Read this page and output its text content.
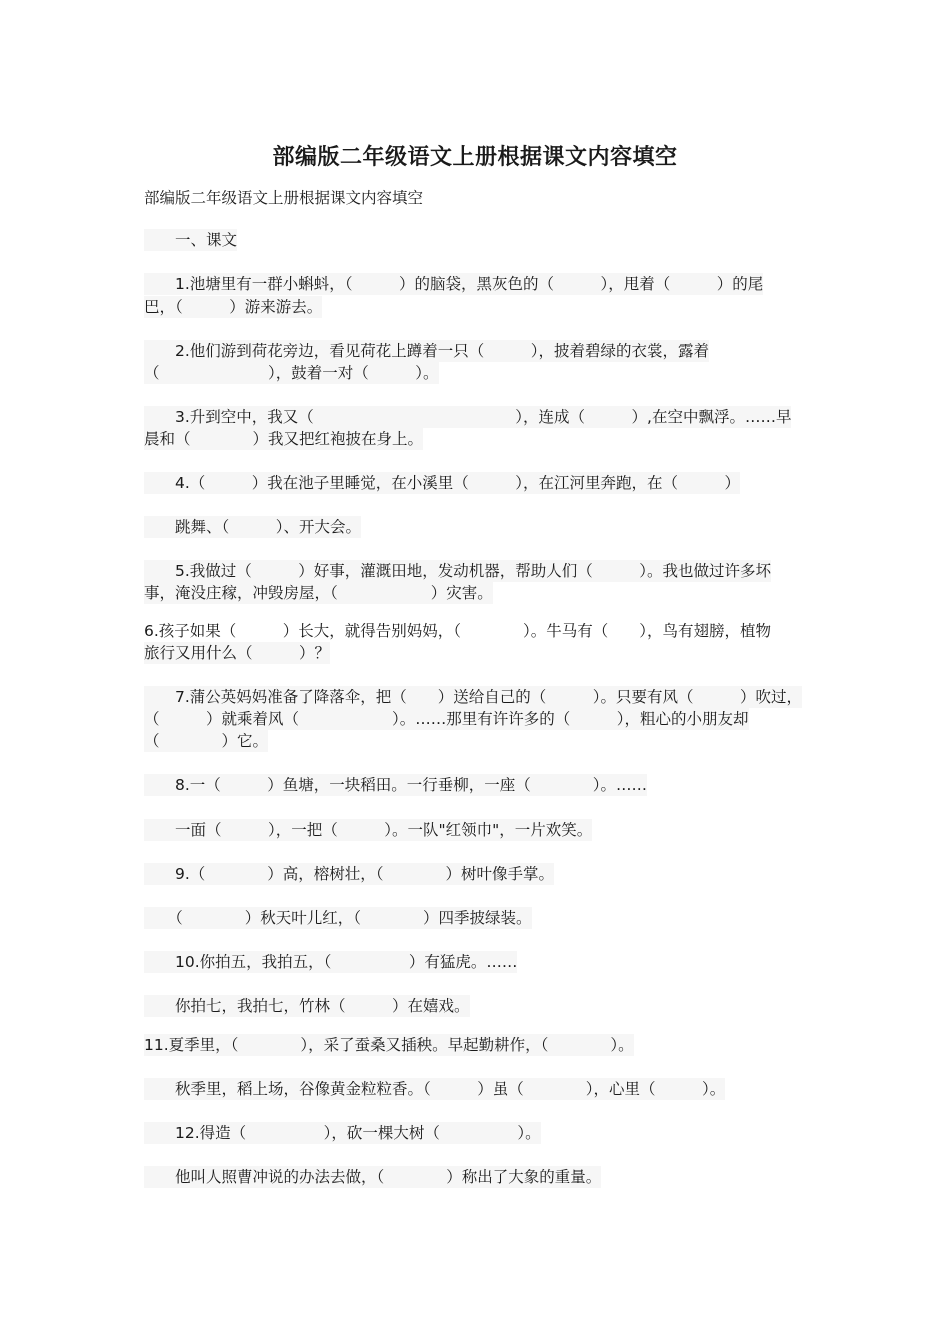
部编版二年级语文上册根据课文内容填空
部编版二年级语文上册根据课文内容填空
　　一、课文
　　1.池塘里有一群小蝌蚪，（　　　）的脑袋，黑灰色的（　　　），甩着（　　　）的尾
巴，（　　　）游来游去。
　　2.他们游到荷花旁边，看见荷花上蹲着一只（　　　），披着碧绿的衣裳，露着
（　　　　　　　），鼓着一对（　　　）。
　　3.升到空中，我又（　　　　　　　　　　　　　），连成（　　　）,在空中飘浮。……早
晨和（　　　　）我又把红袍披在身上。
　　4.（　　　）我在池子里睡觉，在小溪里（　　　），在江河里奔跑，在（　　　）
　　跳舞、（　　　）、开大会。
　　5.我做过（　　　）好事，灌溉田地，发动机器，帮助人们（　　　）。我也做过许多坏
事，淹没庄稼，冲毁房屋，（　　　　　　）灾害。
6.孩子如果（　　　）长大，就得告别妈妈，（　　　　）。牛马有（　　），鸟有翅膀，植物
旅行又用什么（　　　）？
　　7.蒲公英妈妈准备了降落伞，把（　　）送给自己的（　　　）。只要有风（　　　）吹过，
（　　　）就乘着风（　　　　　　）。……那里有许许多的（　　　），粗心的小朋友却
（　　　　）它。
　　8.一（　　　）鱼塘，一块稻田。一行垂柳，一座（　　　　）。……
　　一面（　　　），一把（　　　）。一队"红领巾"，一片欢笑。
　　9.（　　　　）高，榕树壮，（　　　　）树叶像手掌。
　　（　　　　）秋天叶儿红，（　　　　）四季披绿装。
　　10.你拍五，我拍五，（　　　　　）有猛虎。……
　　你拍七，我拍七，竹林（　　　）在嬉戏。
11.夏季里，（　　　　），采了蚕桑又插秧。早起勤耕作，（　　　　）。
　　秋季里，稻上场，谷像黄金粒粒香。（　　　）虽（　　　　），心里（　　　）。
　　12.得造（　　　　　），砍一棵大树（　　　　　）。
　　他叫人照曹冲说的办法去做，（　　　　）称出了大象的重量。
